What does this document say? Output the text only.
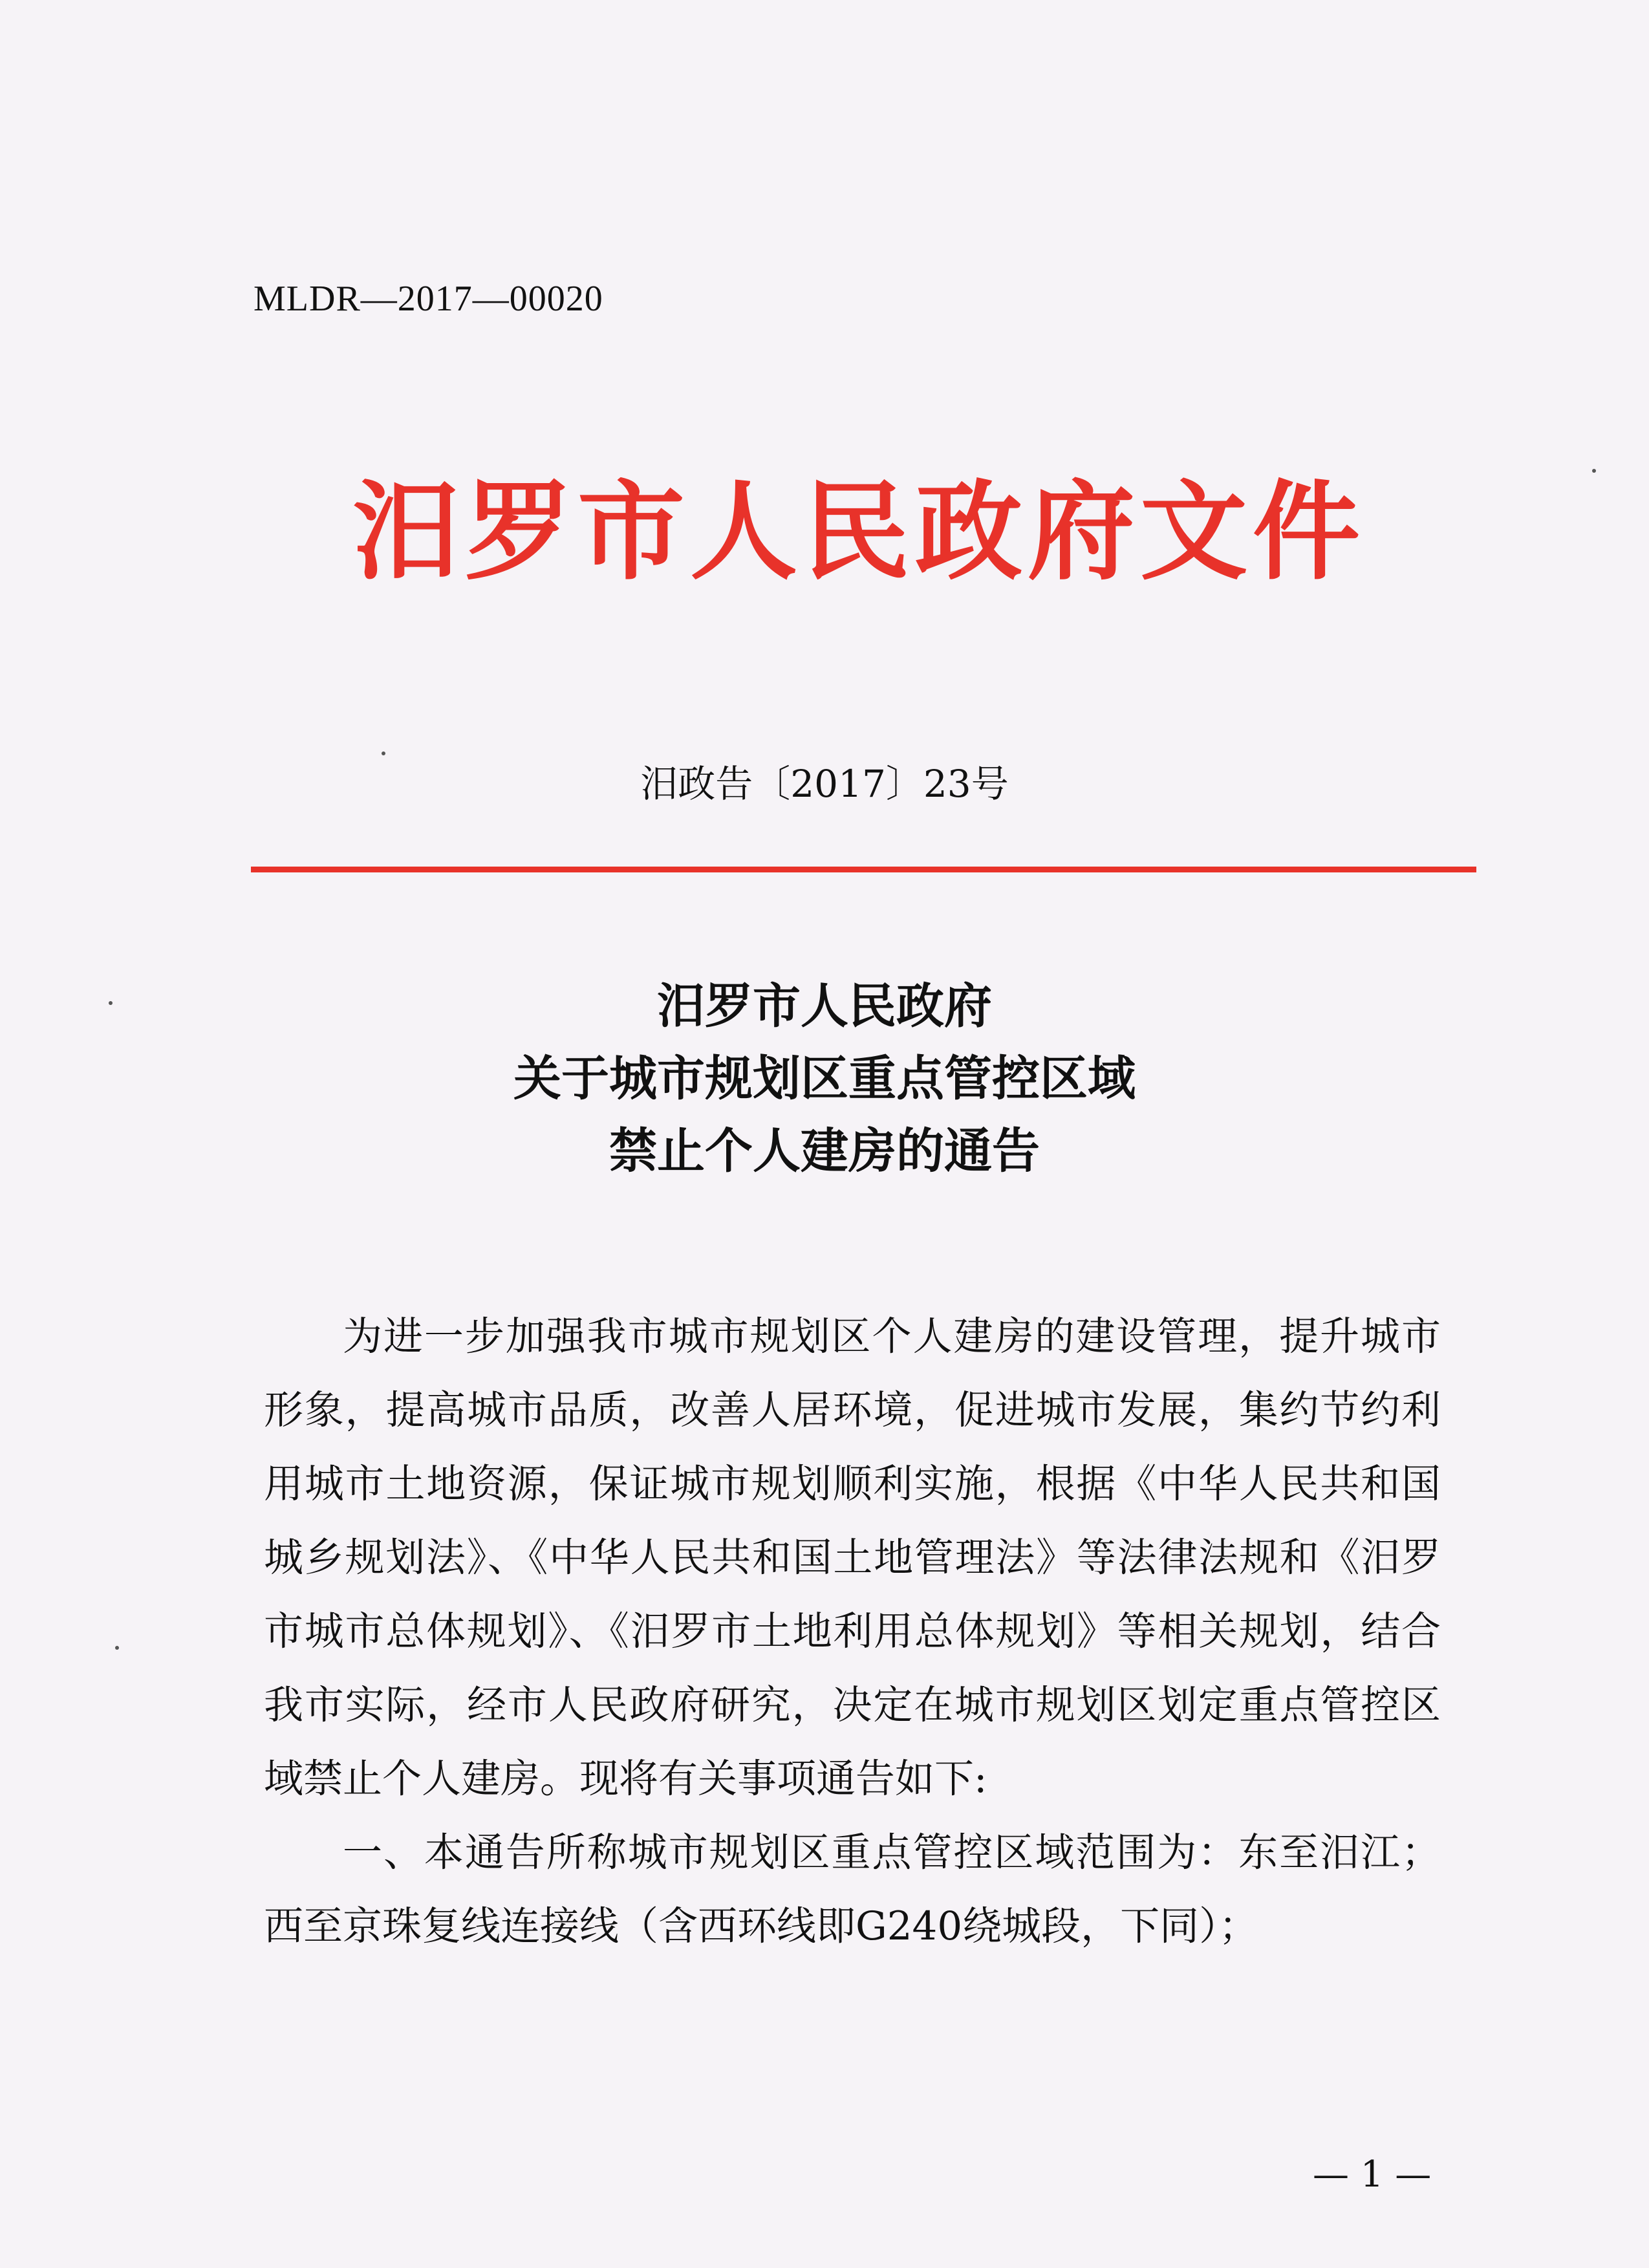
MLDR—2017—00020
汨罗市人民政府文件
汨政告〔2017〕23号
汨罗市人民政府
关于城市规划区重点管控区域
禁止个人建房的通告

为进一步加强我市城市规划区个人建房的建设管理，提升城市形象，提高城市品质，改善人居环境，促进城市发展，集约节约利用城市土地资源，保证城市规划顺利实施，根据《中华人民共和国城乡规划法》、《中华人民共和国土地管理法》等法律法规和《汨罗市城市总体规划》、《汨罗市土地利用总体规划》等相关规划，结合我市实际，经市人民政府研究，决定在城市规划区划定重点管控区域禁止个人建房。现将有关事项通告如下:

一、本通告所称城市规划区重点管控区域范围为：东至汨江；西至京珠复线连接线（含西环线即G240绕城段，下同）；

— 1 —
